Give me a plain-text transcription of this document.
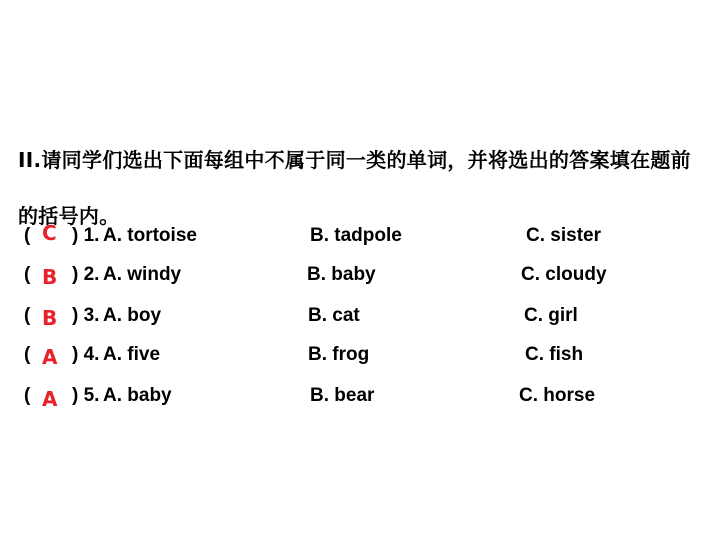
II.请同学们选出下面每组中不属于同一类的单词，并将选出的答案填在题前的括号内。
( C ) 1. A. tortoise	B. tadpole	C. sister
( B ) 2. A. windy	B. baby	C. cloudy
( B ) 3. A. boy	B. cat	C. girl
( A ) 4. A. five	B. frog	C. fish
( A ) 5. A. baby	B. bear	C. horse
